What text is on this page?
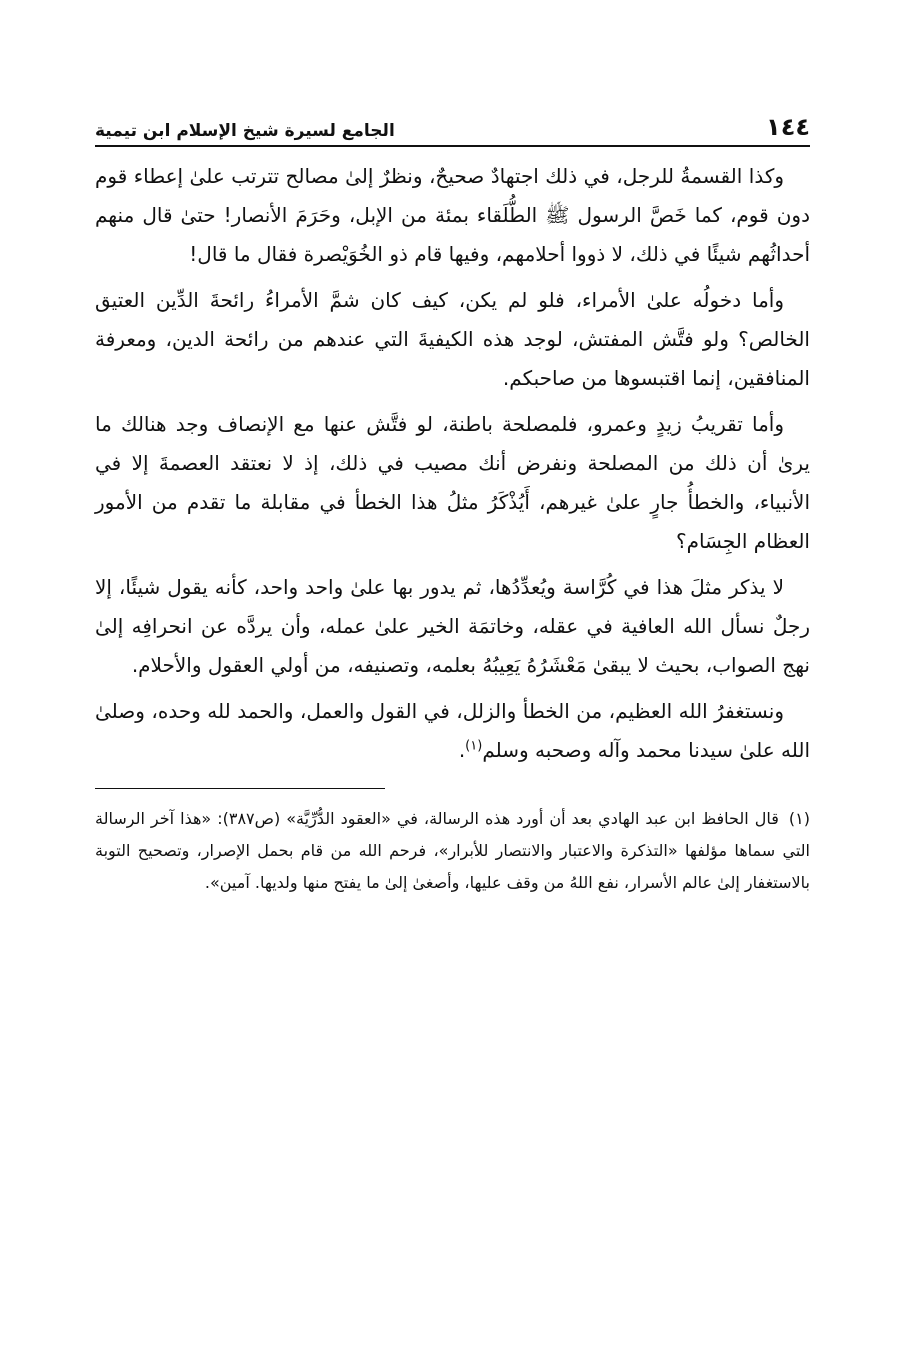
١٤٤
الجامع لسيرة شيخ الإسلام ابن تيمية

وكذا القسمةُ للرجل، في ذلك اجتهادٌ صحيحٌ، ونظرٌ إلىٰ مصالح تترتب علىٰ إعطاء قوم دون قوم، كما خَصَّ الرسول ﷺ الطُّلَقاء بمئة من الإبل، وحَرَمَ الأنصار! حتىٰ قال منهم أحداثُهم شيئًا في ذلك، لا ذووا أحلامهم، وفيها قام ذو الخُوَيْصرة فقال ما قال!

وأما دخولُه علىٰ الأمراء، فلو لم يكن، كيف كان شمَّ الأمراءُ رائحةَ الدِّين العتيق الخالص؟ ولو فتَّش المفتش، لوجد هذه الكيفيةَ التي عندهم من رائحة الدين، ومعرفة المنافقين، إنما اقتبسوها من صاحبكم.

وأما تقريبُ زيدٍ وعمرو، فلمصلحة باطنة، لو فتَّش عنها مع الإنصاف وجد هنالك ما يرىٰ أن ذلك من المصلحة ونفرض أنك مصيب في ذلك، إذ لا نعتقد العصمةَ إلا في الأنبياء، والخطأُ جارٍ علىٰ غيرهم، أَيُذْكَرُ مثلُ هذا الخطأ في مقابلة ما تقدم من الأمور العظام الجِسَام؟

لا يذكر مثلَ هذا في كُرَّاسة ويُعدِّدُها، ثم يدور بها علىٰ واحد واحد، كأنه يقول شيئًا، إلا رجلٌ نسأل الله العافية في عقله، وخاتمَة الخير علىٰ عمله، وأن يردَّه عن انحرافِه إلىٰ نهج الصواب، بحيث لا يبقىٰ مَعْشَرُهُ يَعِيبُهُ بعلمه، وتصنيفه، من أولي العقول والأحلام.

ونستغفرُ الله العظيم، من الخطأ والزلل، في القول والعمل، والحمد لله وحده، وصلىٰ الله علىٰ سيدنا محمد وآله وصحبه وسلم$^{(١)}$.

(١)قال الحافظ ابن عبد الهادي بعد أن أورد هذه الرسالة، في «العقود الدُّرِّيَّة» (ص٣٨٧): «هذا آخر الرسالة التي سماها مؤلفها «التذكرة والاعتبار والانتصار للأبرار»، فرحم الله من قام بحمل الإصرار، وتصحيح التوبة بالاستغفار إلىٰ عالم الأسرار، نفع اللهُ من وقف عليها، وأصغىٰ إلىٰ ما يفتح منها ولديها. آمين».
